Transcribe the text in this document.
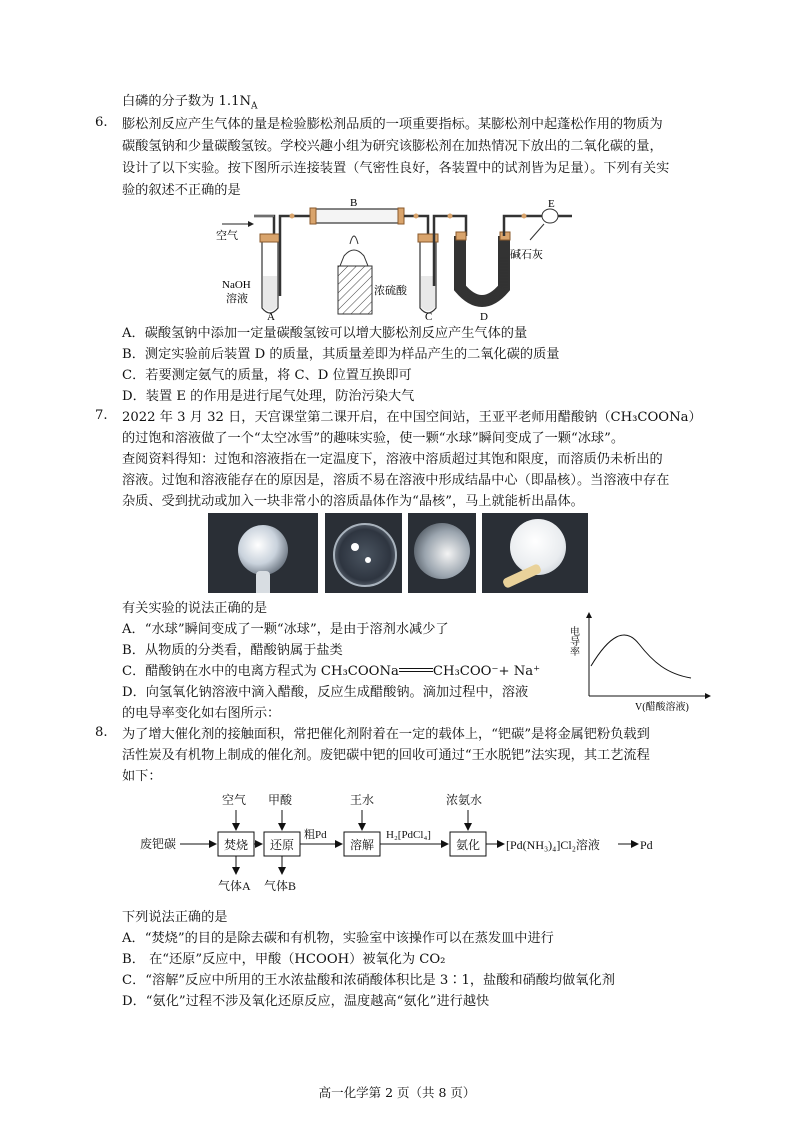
白磷的分子数为 $1.1N_A$
6. 膨松剂反应产生气体的量是检验膨松剂品质的一项重要指标。某膨松剂中起蓬松作用的物质为
碳酸氢钠和少量碳酸氢铵。学校兴趣小组为研究该膨松剂在加热情况下放出的二氧化碳的量，
设计了以下实验。按下图所示连接装置（气密性良好，各装置中的试剂皆为足量）。下列有关实
验的叙述不正确的是
空气
B	E
碱石灰
NaOH
溶液
A
浓硫酸
C	D
A．碳酸氢钠中添加一定量碳酸氢铵可以增大膨松剂反应产生气体的量
B．测定实验前后装置 D 的质量，其质量差即为样品产生的二氧化碳的质量
C．若要测定氨气的质量，将 C、D 位置互换即可
D．装置 E 的作用是进行尾气处理，防治污染大气
7. 2022 年 3 月 32 日，天宫课堂第二课开启，在中国空间站，王亚平老师用醋酸钠（CH₃COONa）
的过饱和溶液做了一个“太空冰雪”的趣味实验，使一颗“水球”瞬间变成了一颗“冰球”。
查阅资料得知：过饱和溶液指在一定温度下，溶液中溶质超过其饱和限度，而溶质仍未析出的
溶液。过饱和溶液能存在的原因是，溶质不易在溶液中形成结晶中心（即晶核）。当溶液中存在
杂质、受到扰动或加入一块非常小的溶质晶体作为“晶核”，马上就能析出晶体。
有关实验的说法正确的是
A．“水球”瞬间变成了一颗“冰球”，是由于溶剂水减少了
B．从物质的分类看，醋酸钠属于盐类
C．醋酸钠在水中的电离方程式为 CH₃COONa	CH₃COO⁻+ Na⁺
D．向氢氧化钠溶液中滴入醋酸，反应生成醋酸钠。滴加过程中，溶液
的电导率变化如右图所示：
电导率
V(醋酸溶液)
8. 为了增大催化剂的接触面积，常把催化剂附着在一定的载体上，“钯碳”是将金属钯粉负载到
活性炭及有机物上制成的催化剂。废钯碳中钯的回收可通过“王水脱钯”法实现，其工艺流程
如下：
废钯碳	焚烧
空气
气体A
还原
甲酸
气体B
粗Pd
溶解
王水
H₂[PdCl₄]
氨化
浓氨水
[Pd(NH₃)₄]Cl₂溶液	Pd
下列说法正确的是
A．“焚烧”的目的是除去碳和有机物，实验室中该操作可以在蒸发皿中进行
B． 在“还原”反应中，甲酸（HCOOH）被氧化为 CO₂
C．“溶解”反应中所用的王水浓盐酸和浓硝酸体积比是 3∶1，盐酸和硝酸均做氧化剂
D．“氨化”过程不涉及氧化还原反应，温度越高“氨化”进行越快
高一化学第 2 页（共 8 页）
